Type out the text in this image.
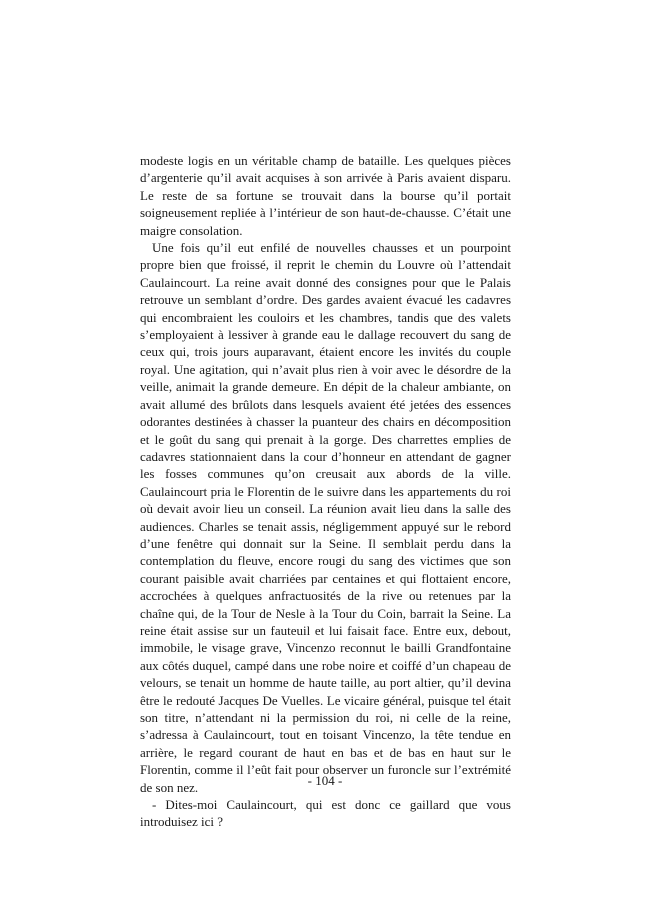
modeste logis en un véritable champ de bataille. Les quelques pièces d’argenterie qu’il avait acquises à son arrivée à Paris avaient disparu. Le reste de sa fortune se trouvait dans la bourse qu’il portait soigneusement repliée à l’intérieur de son haut-de-chausse. C’était une maigre consolation.

Une fois qu’il eut enfilé de nouvelles chausses et un pourpoint propre bien que froissé, il reprit le chemin du Louvre où l’attendait Caulaincourt. La reine avait donné des consignes pour que le Palais retrouve un semblant d’ordre. Des gardes avaient évacué les cadavres qui encombraient les couloirs et les chambres, tandis que des valets s’employaient à lessiver à grande eau le dallage recouvert du sang de ceux qui, trois jours auparavant, étaient encore les invités du couple royal. Une agitation, qui n’avait plus rien à voir avec le désordre de la veille, animait la grande demeure. En dépit de la chaleur ambiante, on avait allumé des brûlots dans lesquels avaient été jetées des essences odorantes destinées à chasser la puanteur des chairs en décomposition et le goût du sang qui prenait à la gorge. Des charrettes emplies de cadavres stationnaient dans la cour d’honneur en attendant de gagner les fosses communes qu’on creusait aux abords de la ville. Caulaincourt pria le Florentin de le suivre dans les appartements du roi où devait avoir lieu un conseil. La réunion avait lieu dans la salle des audiences. Charles se tenait assis, négligemment appuyé sur le rebord d’une fenêtre qui donnait sur la Seine. Il semblait perdu dans la contemplation du fleuve, encore rougi du sang des victimes que son courant paisible avait charriées par centaines et qui flottaient encore, accrochées à quelques anfractuosités de la rive ou retenues par la chaîne qui, de la Tour de Nesle à la Tour du Coin, barrait la Seine. La reine était assise sur un fauteuil et lui faisait face. Entre eux, debout, immobile, le visage grave, Vincenzo reconnut le bailli Grandfontaine aux côtés duquel, campé dans une robe noire et coiffé d’un chapeau de velours, se tenait un homme de haute taille, au port altier, qu’il devina être le redouté Jacques De Vuelles. Le vicaire général, puisque tel était son titre, n’attendant ni la permission du roi, ni celle de la reine, s’adressa à Caulaincourt, tout en toisant Vincenzo, la tête tendue en arrière, le regard courant de haut en bas et de bas en haut sur le Florentin, comme il l’eût fait pour observer un furoncle sur l’extrémité de son nez.

- Dites-moi Caulaincourt, qui est donc ce gaillard que vous introduisez ici ?

- 104 -
